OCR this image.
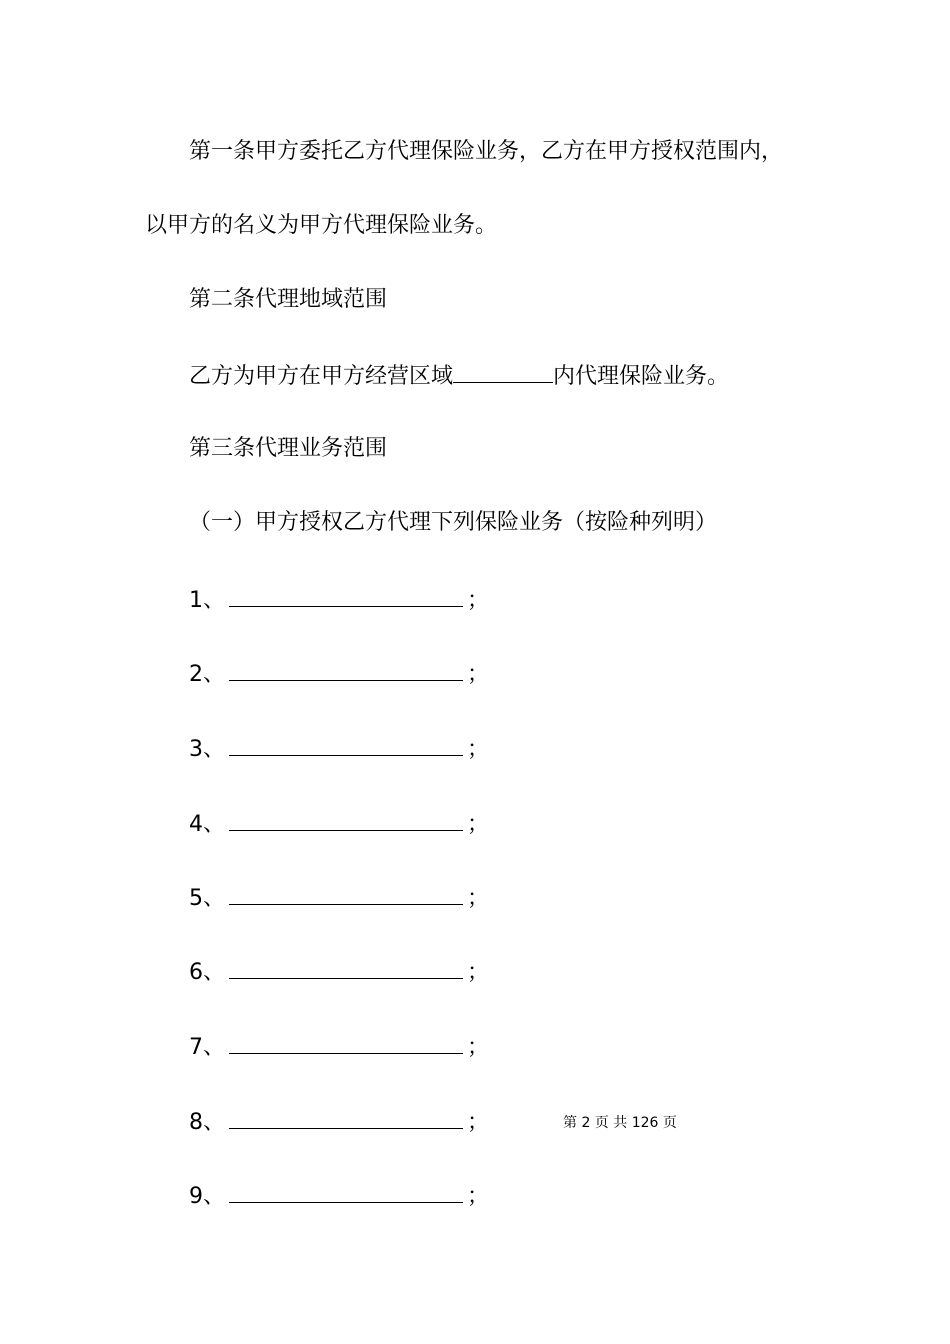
第一条甲方委托乙方代理保险业务，乙方在甲方授权范围内，
以甲方的名义为甲方代理保险业务。
第二条代理地域范围
乙方为甲方在甲方经营区域	内代理保险业务。
第三条代理业务范围
（一）甲方授权乙方代理下列保险业务（按险种列明）
1、	；
2、	；
3、	；
4、	；
5、	；
6、	；
7、	；
8、	；
9、	；
第 2 页 共 126 页
